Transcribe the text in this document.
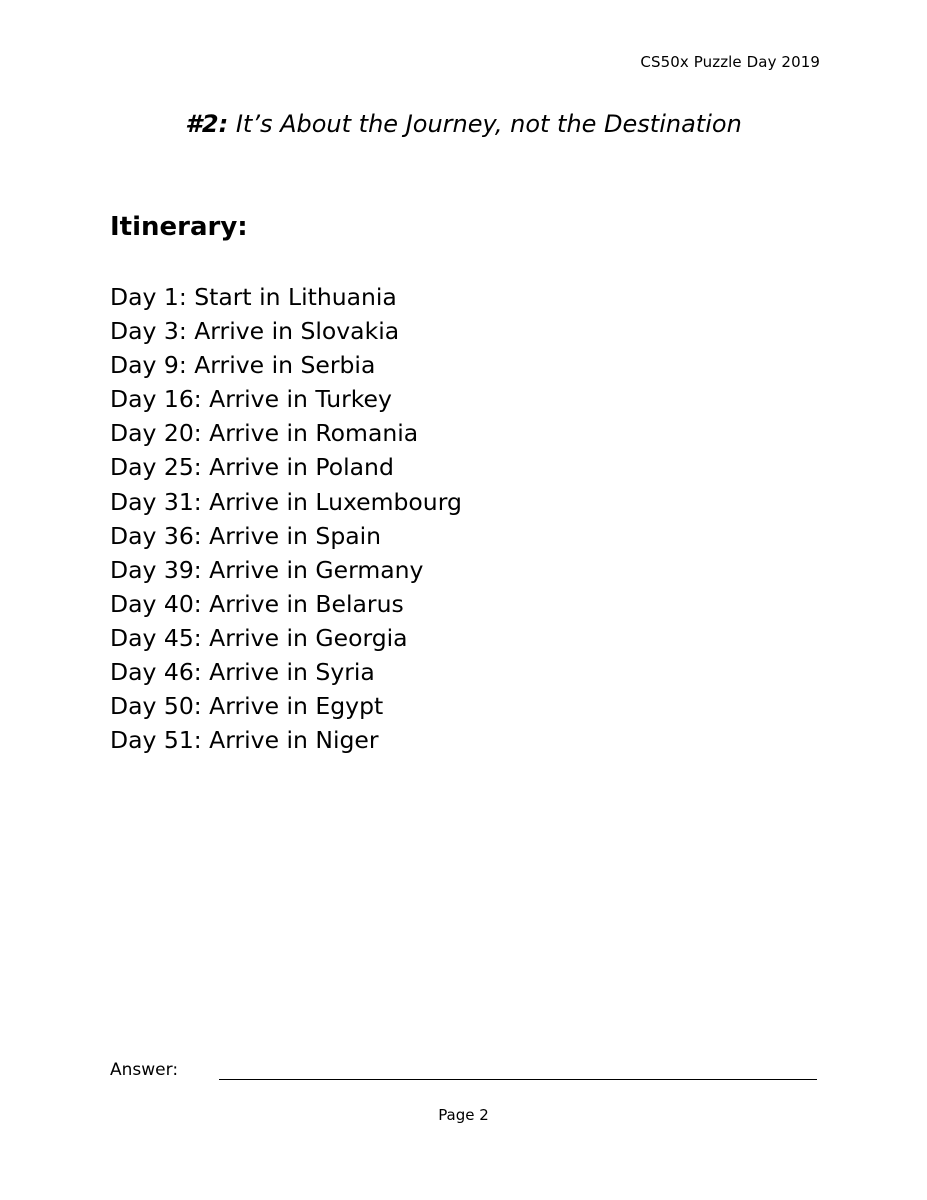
CS50x Puzzle Day 2019
#2: It’s About the Journey, not the Destination
Itinerary:
Day 1: Start in Lithuania
Day 3: Arrive in Slovakia
Day 9: Arrive in Serbia
Day 16: Arrive in Turkey
Day 20: Arrive in Romania
Day 25: Arrive in Poland
Day 31: Arrive in Luxembourg
Day 36: Arrive in Spain
Day 39: Arrive in Germany
Day 40: Arrive in Belarus
Day 45: Arrive in Georgia
Day 46: Arrive in Syria
Day 50: Arrive in Egypt
Day 51: Arrive in Niger
Answer:
Page 2
